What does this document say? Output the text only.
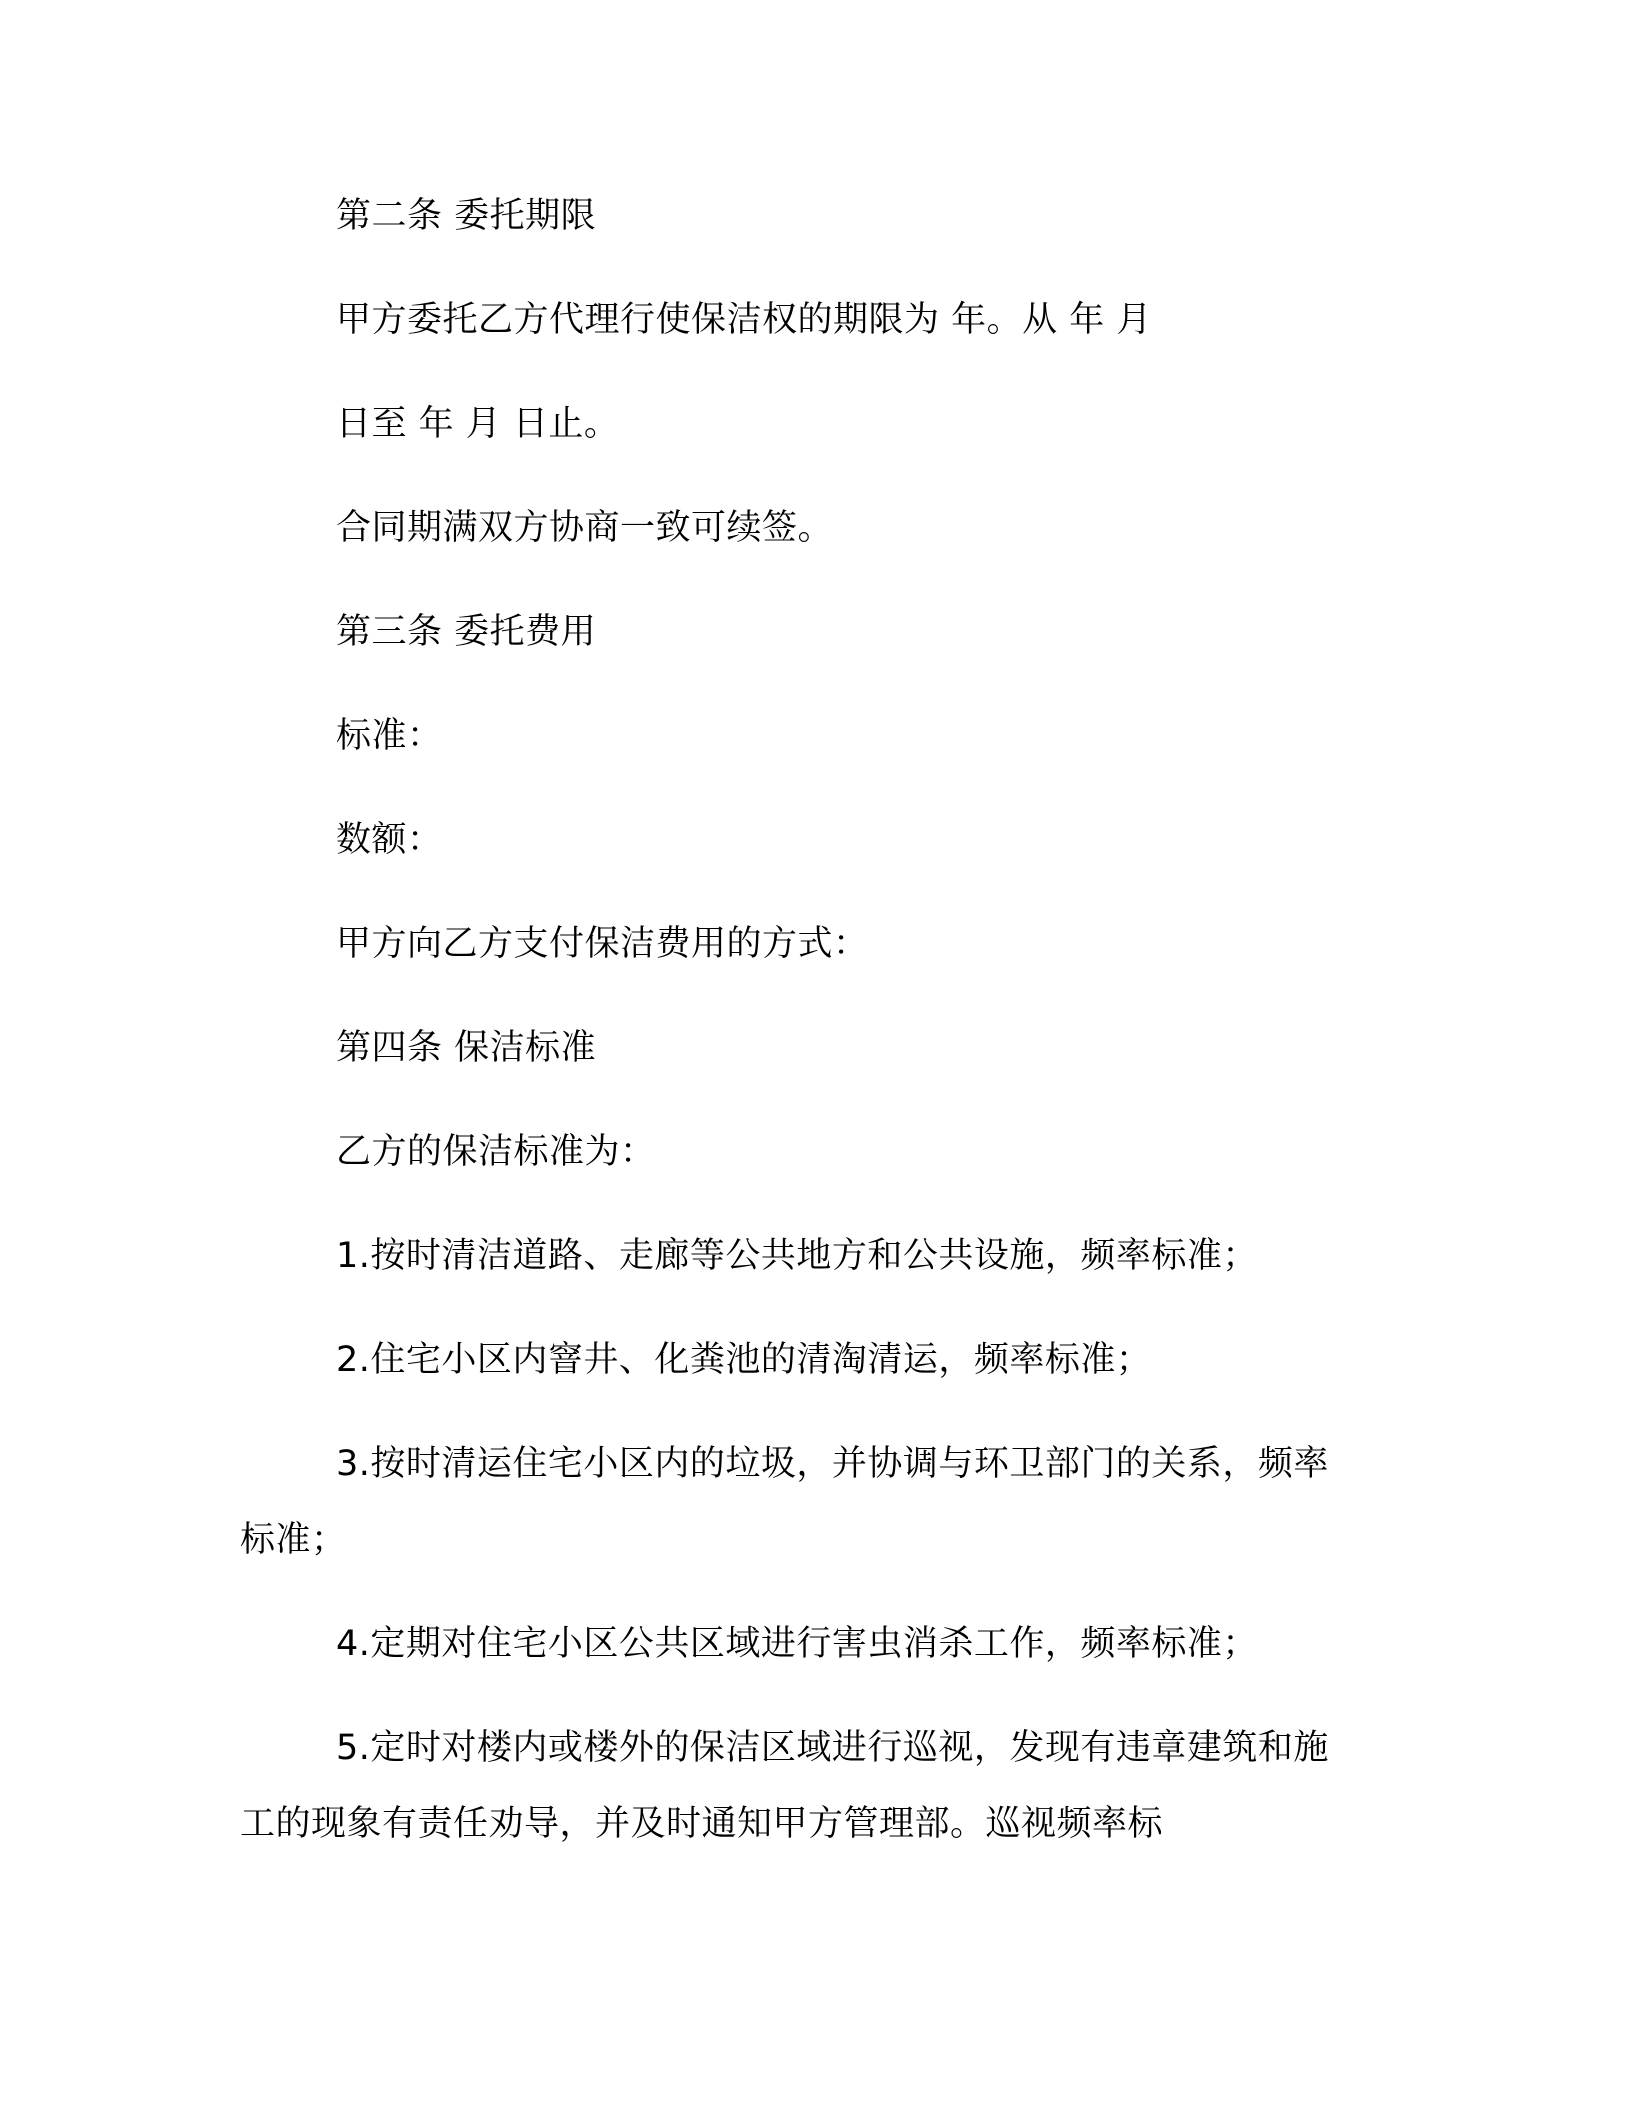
第二条 委托期限
甲方委托乙方代理行使保洁权的期限为 年。从 年 月
日至 年 月 日止。
合同期满双方协商一致可续签。
第三条 委托费用
标准：
数额：
甲方向乙方支付保洁费用的方式：
第四条 保洁标准
乙方的保洁标准为：
1.按时清洁道路、走廊等公共地方和公共设施，频率标准；
2.住宅小区内窨井、化粪池的清淘清运，频率标准；
3.按时清运住宅小区内的垃圾，并协调与环卫部门的关系，频率
标准；
4.定期对住宅小区公共区域进行害虫消杀工作，频率标准；
5.定时对楼内或楼外的保洁区域进行巡视，发现有违章建筑和施
工的现象有责任劝导，并及时通知甲方管理部。巡视频率标
